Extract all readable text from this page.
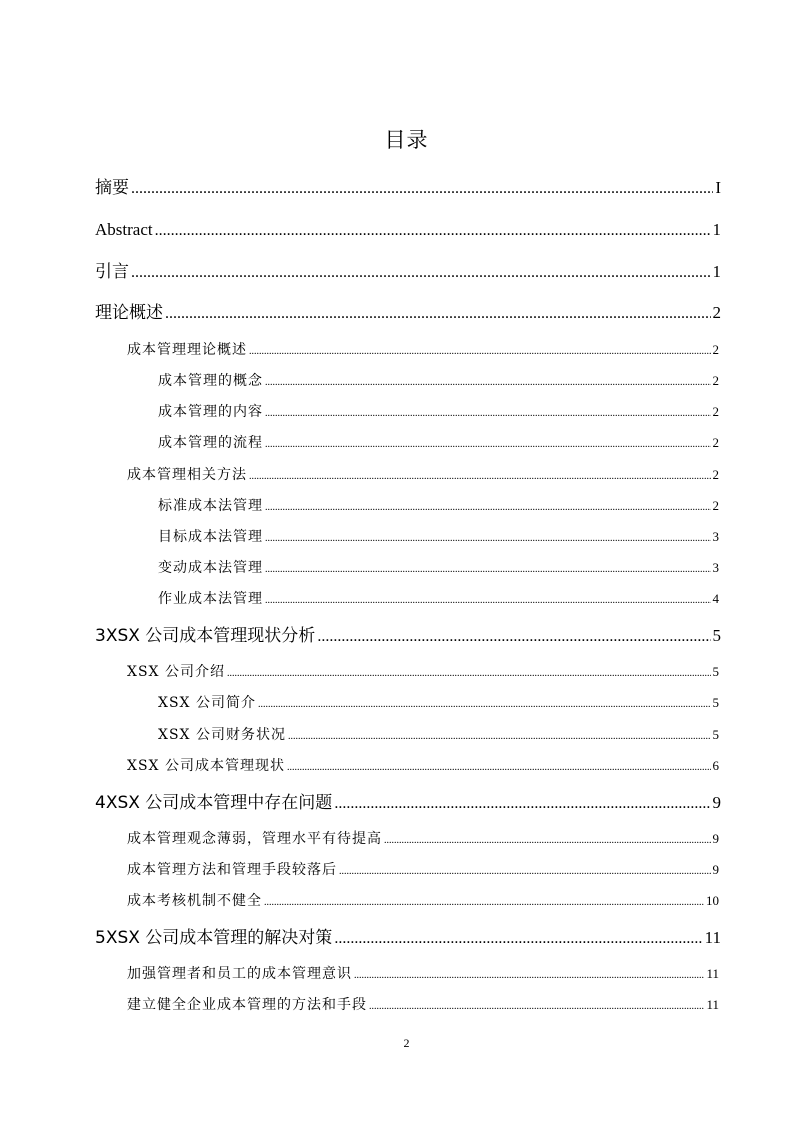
目录
摘要 .....	I
Abstract .....	1
引言 .....	1
理论概述 .....	2
成本管理理论概述 .....	2
成本管理的概念 .....	2
成本管理的内容 .....	2
成本管理的流程 .....	2
成本管理相关方法 .....	2
标准成本法管理 .....	2
目标成本法管理 .....	3
变动成本法管理 .....	3
作业成本法管理 .....	4
3XSX 公司成本管理现状分析 .....	5
XSX 公司介绍 .....	5
XSX 公司简介 .....	5
XSX 公司财务状况 .....	5
XSX 公司成本管理现状 .....	6
4XSX 公司成本管理中存在问题 .....	9
成本管理观念薄弱，管理水平有待提高 .....	9
成本管理方法和管理手段较落后 .....	9
成本考核机制不健全 .....	10
5XSX 公司成本管理的解决对策 .....	11
加强管理者和员工的成本管理意识 .....	11
建立健全企业成本管理的方法和手段 .....	11
2
